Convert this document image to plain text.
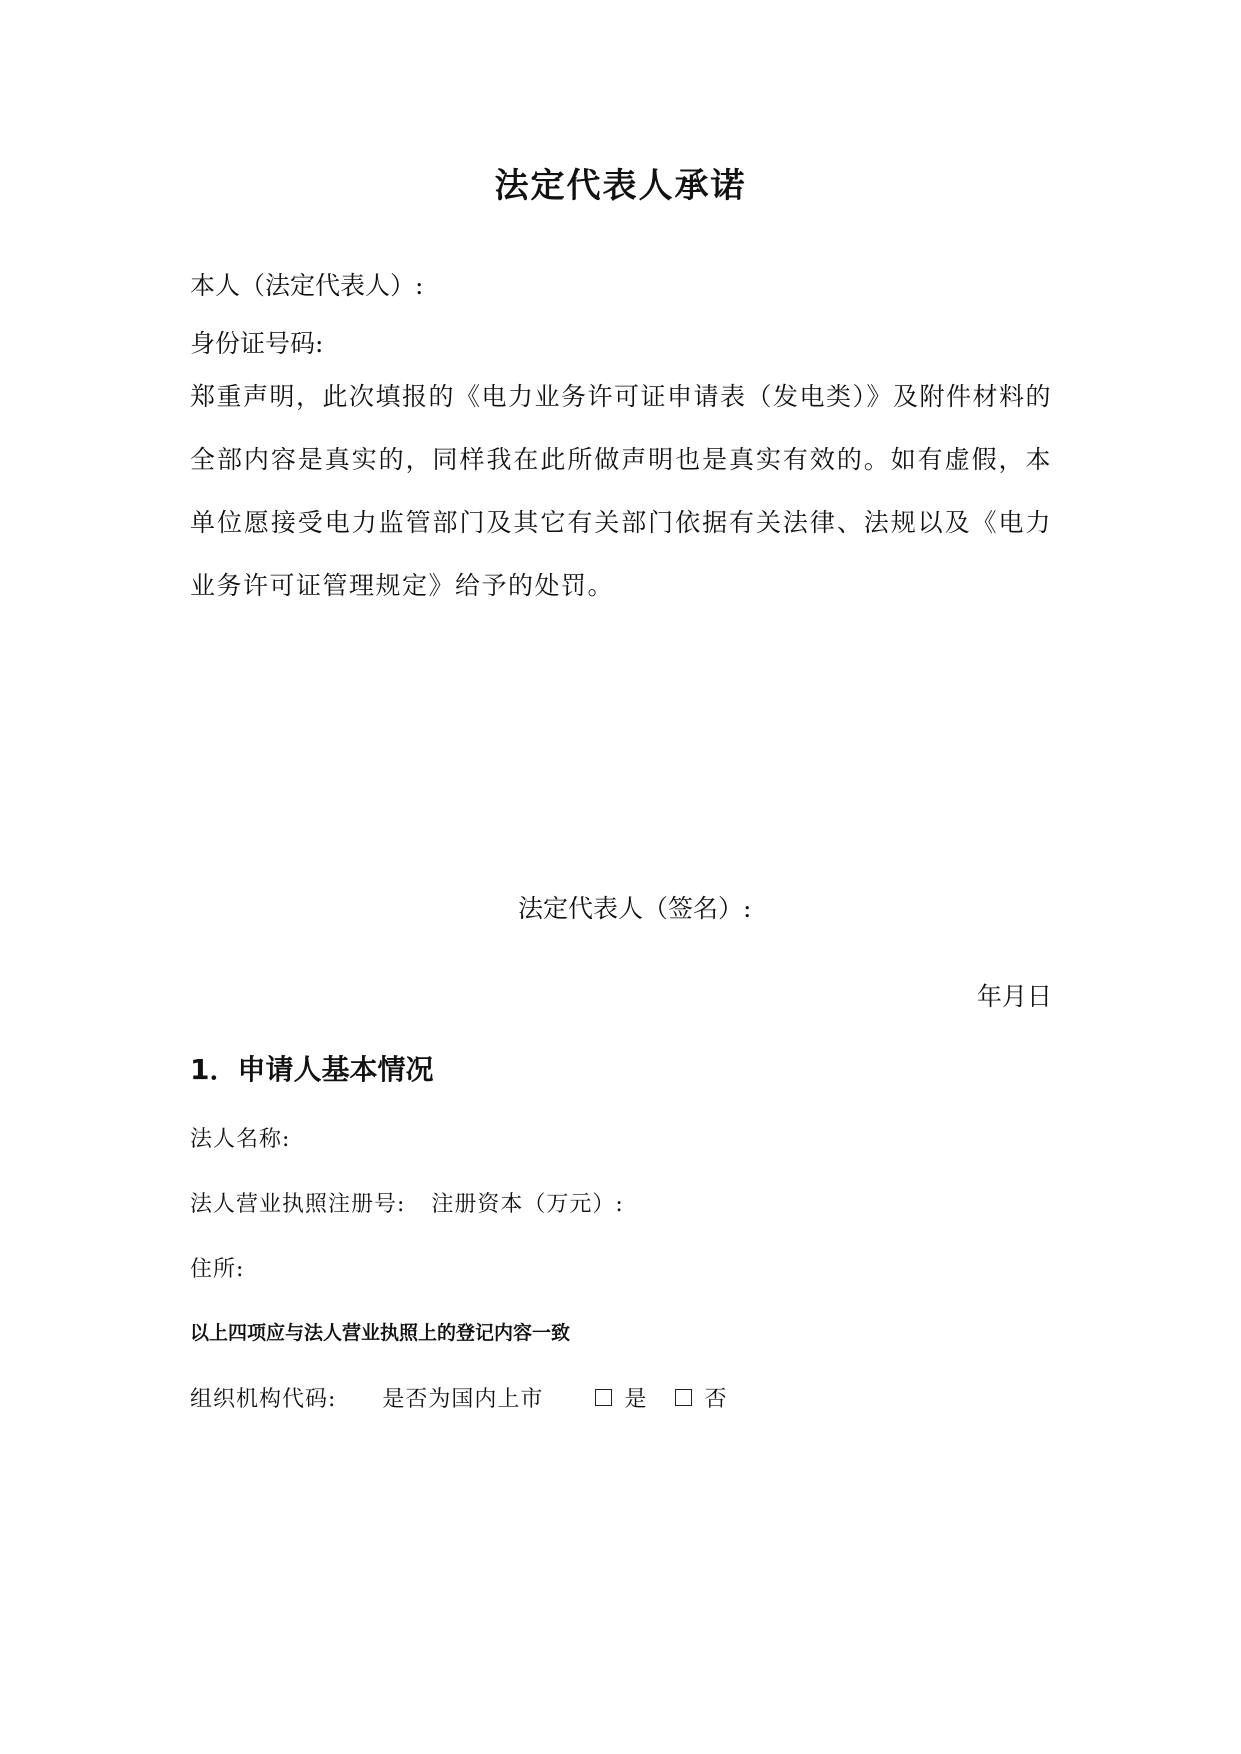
法定代表人承诺
本人（法定代表人）:
身份证号码:
郑重声明，此次填报的《电力业务许可证申请表（发电类）》及附件材料的全部内容是真实的，同样我在此所做声明也是真实有效的。如有虚假，本单位愿接受电力监管部门及其它有关部门依据有关法律、法规以及《电力业务许可证管理规定》给予的处罚。
法定代表人（签名）:
年月日
1．申请人基本情况
法人名称:
法人营业执照注册号: 注册资本（万元）:
住所:
以上四项应与法人营业执照上的登记内容一致
组织机构代码: 是否为国内上市	是	否
